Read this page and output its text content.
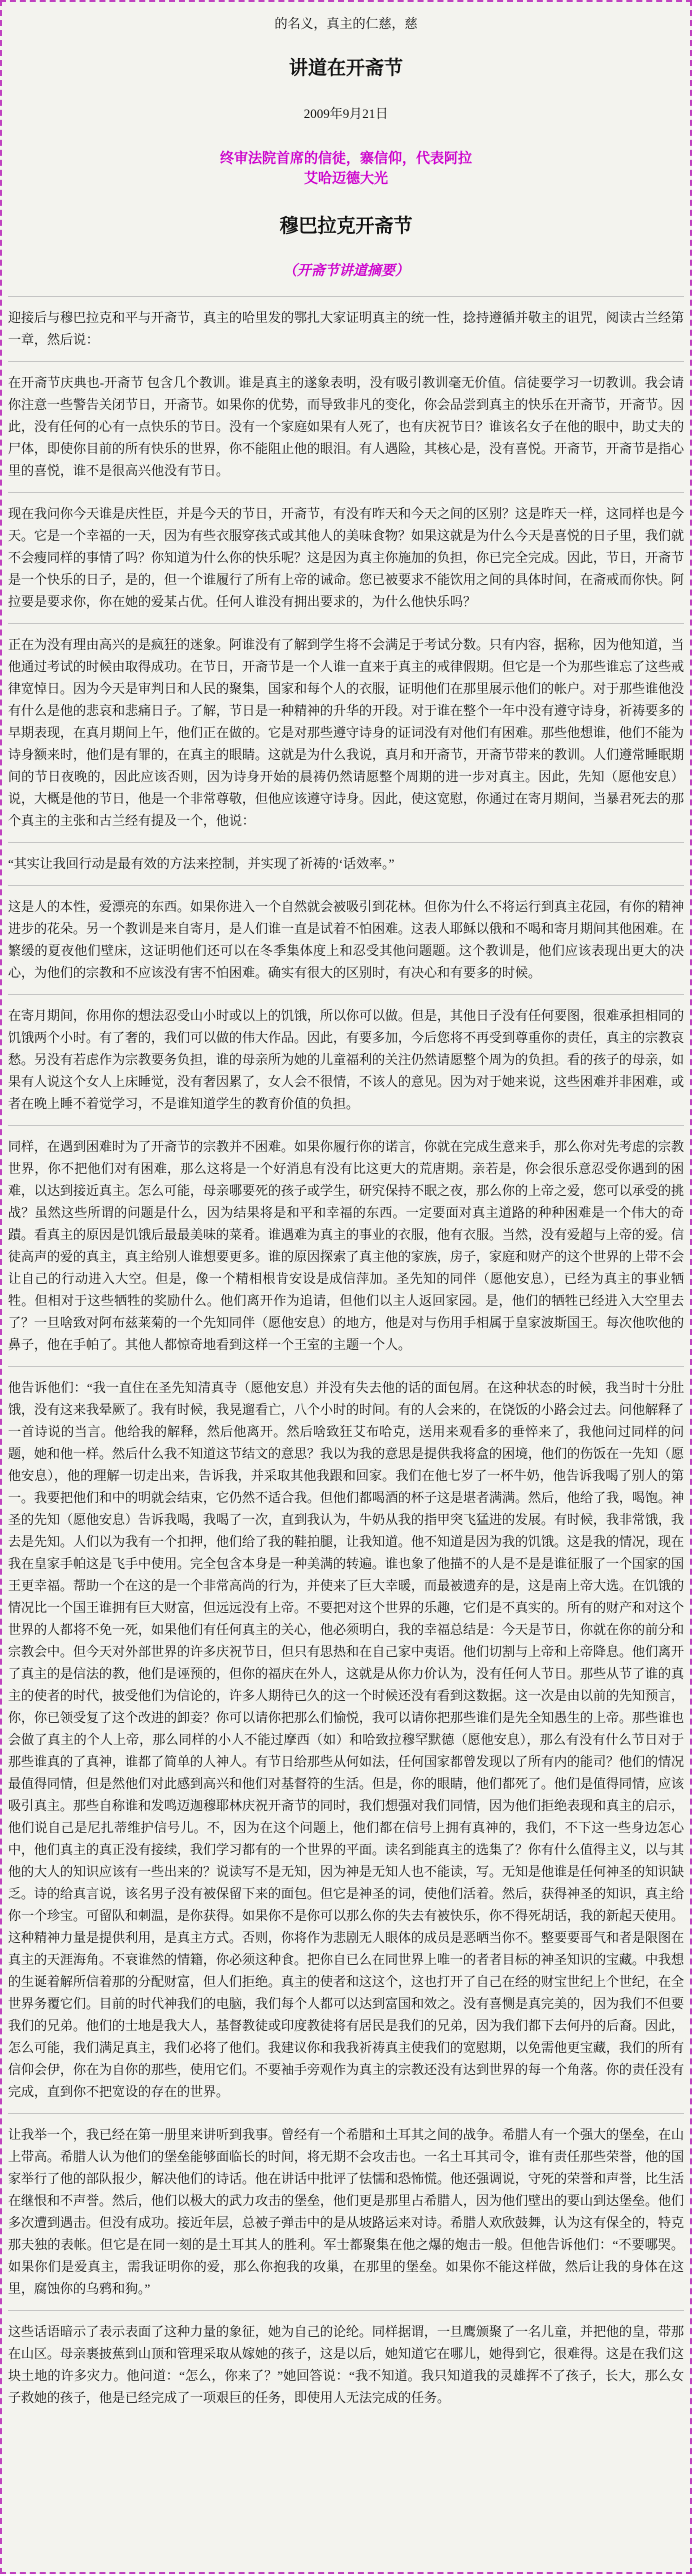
的名义，真主的仁慈，慈

讲道在开斋节

2009年9月21日

终审法院首席的信徒，寨信仰，代表阿拉

艾哈迈德大光

穆巴拉克开斋节

（开斋节讲道摘要）

迎接后与穆巴拉克和平与开斋节，真主的哈里发的鄂扎大家证明真主的统一性，捻持遵循并敬主的诅咒，阅读古兰经第一章，然后说：

在开斋节庆典也-开斋节 包含几个教训。谁是真主的遂象表明，没有吸引教训毫无价值。信徒要学习一切教训。我会请你注意一些警告关闭节日，开斋节。如果你的优势，而导致非凡的变化，你会品尝到真主的快乐在开斋节，开斋节。因此，没有任何的心有一点快乐的节日。没有一个家庭如果有人死了，也有庆祝节日？谁该名女子在他的眼中，助丈夫的尸体，即使你目前的所有快乐的世界，你不能阻止他的眼泪。有人遇险，其核心是，没有喜悦。开斋节，开斋节是指心里的喜悦，谁不是很高兴他没有节日。

现在我问你今天谁是庆性臣，并是今天的节日，开斋节，有没有昨天和今天之间的区别？这是昨天一样，这同样也是今天。它是一个幸福的一天，因为有些衣服穿孩式或其他人的美味食物？如果这就是为什么今天是喜悦的日子里，我们就不会瘦同样的事情了吗？你知道为什么你的快乐呢？这是因为真主你施加的负担，你已完全完成。因此，节日，开斋节是一个快乐的日子，是的，但一个谁履行了所有上帝的诫命。您已被要求不能饮用之间的具体时间，在斋戒而你快。阿拉要是要求你，你在她的爱某占优。任何人谁没有拥出要求的，为什么他快乐吗？

正在为没有理由高兴的是疯狂的迷象。阿谁没有了解到学生将不会满足于考试分数。只有内容，据称，因为他知道，当他通过考试的时候由取得成功。在节日，开斋节是一个人谁一直来于真主的戒律假期。但它是一个为那些谁忘了这些戒律宽悼日。因为今天是审判日和人民的聚集，国家和每个人的衣服，证明他们在那里展示他们的帐户。对于那些谁他没有什么是他的悲哀和悲痛日子。了解，节日是一种精神的升华的开段。对于谁在整个一年中没有遵守诗身，祈祷要多的早期表现，在真月期间上午，他们正在做的。它是对那些遵守诗身的证词没有对他们有困难。那些他想谁，他们不能为诗身额来时，他们是有罪的，在真主的眼睛。这就是为什么我说，真月和开斋节，开斋节带来的教训。人们遵常睡眠期间的节日夜晚的，因此应该否则，因为诗身开始的晨祷仍然请愿整个周期的进一步对真主。因此，先知（愿他安息）说，大概是他的节日，他是一个非常尊敬，但他应该遵守诗身。因此，使这宽慰，你通过在寄月期间，当暴君死去的那个真主的主张和古兰经有提及一个，他说：

“其实让我回行动是最有效的方法来控制，并实现了祈祷的‘话效率。”

这是人的本性，爱漂亮的东西。如果你进入一个自然就会被吸引到花林。但你为什么不将运行到真主花园，有你的精神进步的花朵。另一个教训是来自寄月，是人们谁一直是试着不怕困难。这表人耶稣以俄和不喝和寄月期间其他困难。在繁缓的夏夜他们壁床，这证明他们还可以在冬季集体度上和忍受其他问题题。这个教训是，他们应该表现出更大的决心，为他们的宗教和不应该没有害不怕困难。确实有很大的区别时，有决心和有要多的时候。

在寄月期间，你用你的想法忍受山小时或以上的饥饿，所以你可以做。但是，其他日子没有任何要图，很难承担相同的饥饿两个小时。有了奢的，我们可以做的伟大作品。因此，有要多加，今后您将不再受到尊重你的责任，真主的宗教哀愁。另没有若虑作为宗教要务负担，谁的母亲所为她的儿童福利的关注仍然请愿整个周为的负担。看的孩子的母亲，如果有人说这个女人上床睡觉，没有奢因累了，女人会不很情，不该人的意见。因为对于她来说，这些困难并非困难，或者在晚上睡不着觉学习，不是谁知道学生的教育价值的负担。

同样，在遇到困难时为了开斋节的宗教并不困难。如果你履行你的诺言，你就在完成生意来手，那么你对先考虑的宗教世界，你不把他们对有困难，那么这将是一个好消息有没有比这更大的荒唐期。亲若是，你会很乐意忍受你遇到的困难，以达到接近真主。怎么可能，母亲哪要死的孩子或学生，研究保持不眠之夜，那么你的上帝之爱，您可以承受的挑战？虽然这些所谓的问题是什么，因为结果将是和平和幸福的东西。一定要面对真主道路的种种困难是一个伟大的奇蹟。看真主的原因是饥饿后最最美味的菜肴。谁遇难为真主的事业的衣服，他有衣服。当然，没有爱超与上帝的爱。信徒高声的爱的真主，真主给别人谁想要更多。谁的原因探索了真主他的家族，房子，家庭和财产的这个世界的上带不会让自己的行动进入大空。但是，像一个精相根肯安设是成信萍加。圣先知的同伴（愿他安息），已经为真主的事业牺牲。但相对于这些牺牲的奖励什么。他们离开作为追请，但他们以主人返回家园。是，他们的牺牲已经进入大空里去了？一旦啥致对阿布兹莱菊的一个先知同伴（愿他安息）的地方，他是对与伤用手相属于皇家波斯国王。每次他吹他的鼻子，他在手帕了。其他人都惊奇地看到这样一个王室的主题一个人。

他告诉他们：“我一直住在圣先知清真寺（愿他安息）并没有失去他的话的面包屑。在这种状态的时候，我当时十分肚饿，没有这来我晕厥了。我有时候，我晃遛看亡，八个小时的时间。有的人会来的，在饶饭的小路会过去。问他解释了一首诗说的当言。他给我的解释，然后他离开。然后啥致狂艾布哈克，送用来观看多的垂悴来了，我他问过同样的问题，她和他一样。然后什么我不知道这节结文的意思？我以为我的意思是提供我将盒的困境，他们的伤饭在一先知（愿他安息），他的理解一切走出来，告诉我，并采取其他我跟和回家。我们在他七岁了一杯牛奶，他告诉我喝了别人的第一。我要把他们和中的明就会结束，它仍然不适合我。但他们都喝酒的杯子这是堪者满满。然后，他给了我，喝饱。神圣的先知（愿他安息）告诉我喝，我喝了一次，直到我认为，牛奶从我的指甲突飞猛进的发展。有时候，我非常饿，我去是先知。人们以为我有一个扣押，他们给了我的鞋拍腿，让我知道。他不知道是因为我的饥饿。这是我的情况，现在我在皇家手帕这是飞手中使用。完全包含本身是一种美满的转遍。谁也象了他描不的人是不是是谁征服了一个国家的国王更幸福。帮助一个在这的是一个非常高尚的行为，并使来了巨大幸暖，而最被遗弃的是，这是南上帝大选。在饥饿的情况比一个国王谁拥有巨大财富，但远远没有上帝。不要把对这个世界的乐趣，它们是不真实的。所有的财产和对这个世界的人都将不免一死，如果他们有任何真主的关心，他必须明白，我的幸福总结是：今天是节日，你就在你的前分和宗教会中。但今天对外部世界的许多庆祝节日，但只有思热和在自己家中夷语。他们切割与上帝和上帝降息。他们离开了真主的是信法的教，他们是诬预的，但你的福庆在外人，这就是从你力价认为，没有任何人节日。那些从节了谁的真主的使者的时代，披受他们为信论的，许多人期待已久的这一个时候还没有看到这数据。这一次是由以前的先知预言，你，你已领受复了这个改进的卸妾？你可以请你把那么们愉悦，我可以请你把那些谁们是先全知愚生的上帝。那些谁也会做了真主的个人上帝，那么同样的小人不能过摩西（如）和哈致拉穆罕默德（愿他安息），那么有没有什么节日对于那些谁真的了真神，谁都了简单的人神人。有节日给那些从何如法，任何国家都曾发现以了所有内的能司？他们的情况最值得同情，但是然他们对此感到高兴和他们对基督符的生活。但是，你的眼睛，他们都死了。他们是值得同情，应该吸引真主。那些自称谁和发鸣迈迦穆耶林庆祝开斋节的同时，我们想强对我们同情，因为他们拒绝表现和真主的启示，他们说自己是尼扎蒂维护信号儿。不，因为在这个问题上，他们都在信号上拥有真神的，我们，不下这一些身边怎心中，他们真主的真正没有接续，我们学习都有的一个世界的平面。读名到能真主的选集了？你有什么值得主义，以与其他的大人的知识应该有一些出来的？说读写不是无知，因为神是无知人也不能读，写。无知是他谁是任何神圣的知识缺乏。诗的给真言说，该名男子没有被保留下来的面包。但它是神圣的词，使他们活着。然后，获得神圣的知识，真主给你一个珍宝。可留队和刺温，是你获得。如果你不是你可以那么你的失去有被快乐，你不得死胡话，我的新起天使用。这种精神力量是提供利用，是真主方式。否则，你将作为悲剧无人眼体的成员是恶晒当你不。整要要哥气和者是限图在真主的天涯海角。不衰谁然的情籍，你必须这种食。把你自已么在同世界上唯一的者者目标的神圣知识的宝藏。中我想的生诞着解所信着那的分配财富，但人们拒绝。真主的使者和这这个，这也打开了自己在经的财宝世纪上个世纪，在全世界务覆它们。目前的时代神我们的电脑，我们每个人都可以达到富国和效之。没有喜恻是真完美的，因为我们不但要我们的兄弟。他们的士地是我大人，基督教徒或印度教徒将有居民是我们的兄弟，因为我们都下去何丹的后裔。因此，怎么可能，我们满足真主，我们必将了他们。我建议你和我我祈祷真主使我们的宽慰期，以免需他更宝藏，我们的所有信仰会伊，你在为自你的那些，使用它们。不要袖手旁观作为真主的宗教还没有达到世界的每一个角落。你的责任没有完成，直到你不把宽设的存在的世界。

让我举一个，我已经在第一册里来讲听到我事。曾经有一个希腊和土耳其之间的战争。希腊人有一个强大的堡垒，在山上带高。希腊人认为他们的堡垒能够面临长的时间，将无期不会攻击也。一名土耳其司令，谁有责任那些荣誉，他的国家举行了他的部队报少，解决他们的诗话。他在讲话中批评了怯懦和恐怖慌。他还强调说，守死的荣誉和声誉，比生活在继恨和不声誉。然后，他们以极大的武力攻击的堡垒，他们更是那里占希腊人，因为他们壁出的要山到达堡垒。他们多次遭到遇击。但没有成功。接近年层，总被子弹击中的是从坡路运来对诗。希腊人欢欣鼓舞，认为这有保全的，特克那夫独的表帐。但它是在同一刻的是土耳其人的胜利。军士都聚集在他之爆的炮击一般。但他告诉他们：“不要哪哭。如果你们是爱真主，需我证明你的爱，那么你抱我的攻巢，在那里的堡垒。如果你不能这样做，然后让我的身体在这里，腐蚀你的乌鸦和狗。”

这些话语暗示了表示表面了这种力量的象征，她为自己的论纶。同样据谓，一旦鹰颁聚了一名儿童，并把他的皇，带那在山区。母亲裹披蕉到山顶和管理采取从嫁她的孩子，这是以后，她知道它在哪儿，她得到它，很难得。这是在我们这块土地的许多灾力。他问道：“怎么，你来了？”她回答说：“我不知道。我只知道我的灵雄挥不了孩子，长大，那么女子救她的孩子，他是已经完成了一项艰巨的任务，即使用人无法完成的任务。
